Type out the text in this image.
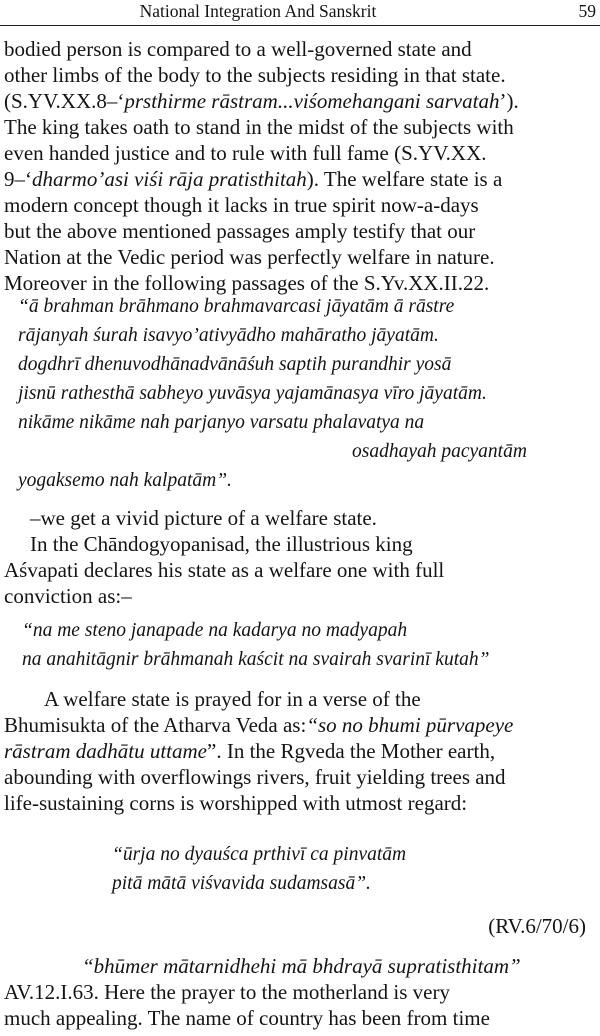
National Integration And Sanskrit	59
bodied person is compared to a well-governed state and
other limbs of the body to the subjects residing in that state.
(S.YV.XX.8–‘prsthirme rāstram...viśomehangani sarvatah’).
The king takes oath to stand in the midst of the subjects with
even handed justice and to rule with full fame (S.YV.XX.
9–‘dharmo’asi viśi rāja pratisthitah). The welfare state is a
modern concept though it lacks in true spirit now-a-days
but the above mentioned passages amply testify that our
Nation at the Vedic period was perfectly welfare in nature.
Moreover in the following passages of the S.Yv.XX.II.22.
“ā brahman brāhmano brahmavarcasi jāyatām ā rāstre
rājanyah śurah isavyo’ativyādho mahāratho jāyatām.
dogdhrī dhenuvodhānadvānāśuh saptih purandhir yosā
jisnū rathesthā sabheyo yuvāsya yajamānasya vīro jāyatām.
nikāme nikāme nah parjanyo varsatu phalavatya na
osadhayah pacyantām
yogaksemo nah kalpatām”.
–we get a vivid picture of a welfare state.
In the Chāndogyopanisad, the illustrious king
Aśvapati declares his state as a welfare one with full
conviction as:–
“na me steno janapade na kadarya no madyapah
na anahitāgnir brāhmanah kaścit na svairah svarinī kutah”
A welfare state is prayed for in a verse of the
Bhumisukta of the Atharva Veda as:“so no bhumi pūrvapeye
rāstram dadhātu uttame”. In the Rgveda the Mother earth,
abounding with overflowings rivers, fruit yielding trees and
life-sustaining corns is worshipped with utmost regard:
“ūrja no dyauśca prthivī ca pinvatām
pitā mātā viśvavida sudamsasā”.
(RV.6/70/6)
“bhūmer mātarnidhehi mā bhdrayā supratisthitam”
AV.12.I.63. Here the prayer to the motherland is very
much appealing. The name of country has been from time
